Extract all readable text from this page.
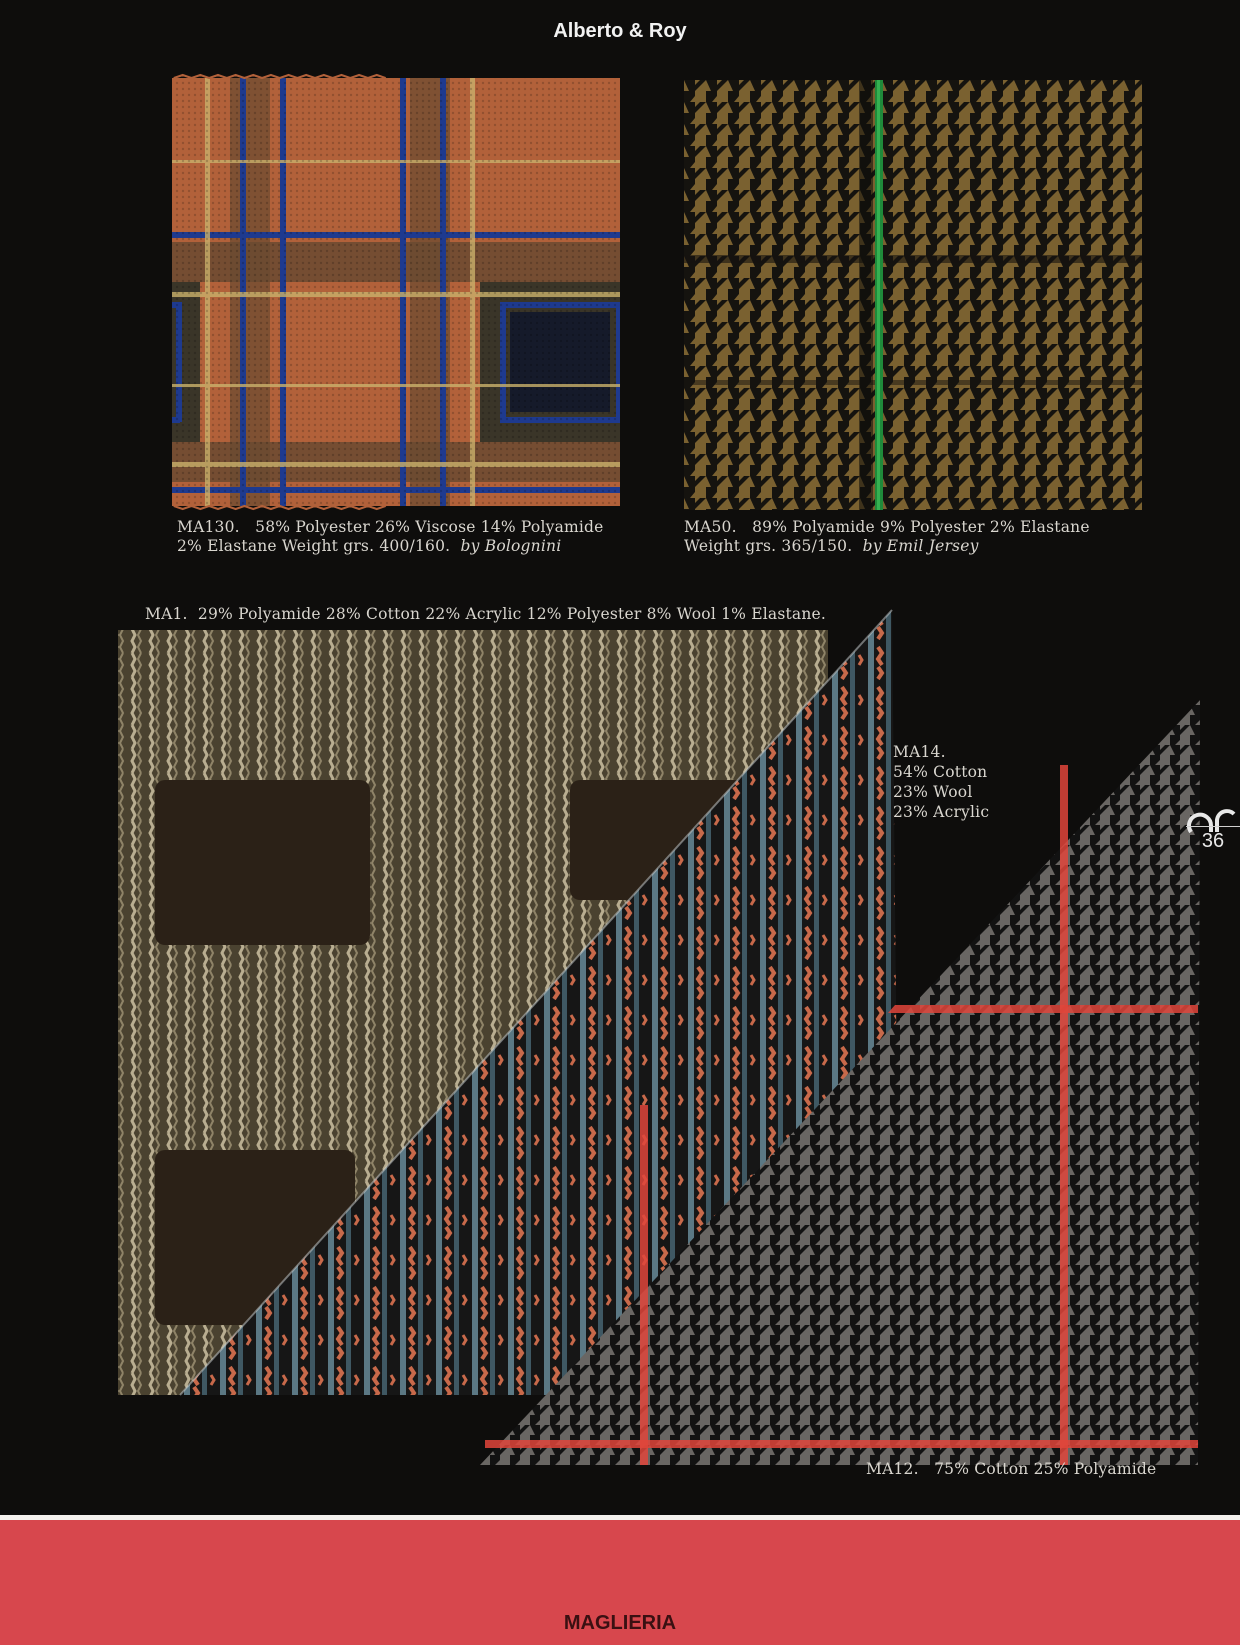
Alberto & Roy
MA130. 58% Polyester 26% Viscose 14% Polyamide
2% Elastane Weight grs. 400/160. by Bolognini
MA50. 89% Polyamide 9% Polyester 2% Elastane
Weight grs. 365/150. by Emil Jersey
MA1. 29% Polyamide 28% Cotton 22% Acrylic 12% Polyester 8% Wool 1% Elastane.
MA14.
54% Cotton
23% Wool
23% Acrylic
MA12. 75% Cotton 25% Polyamide
36
MAGLIERIA
